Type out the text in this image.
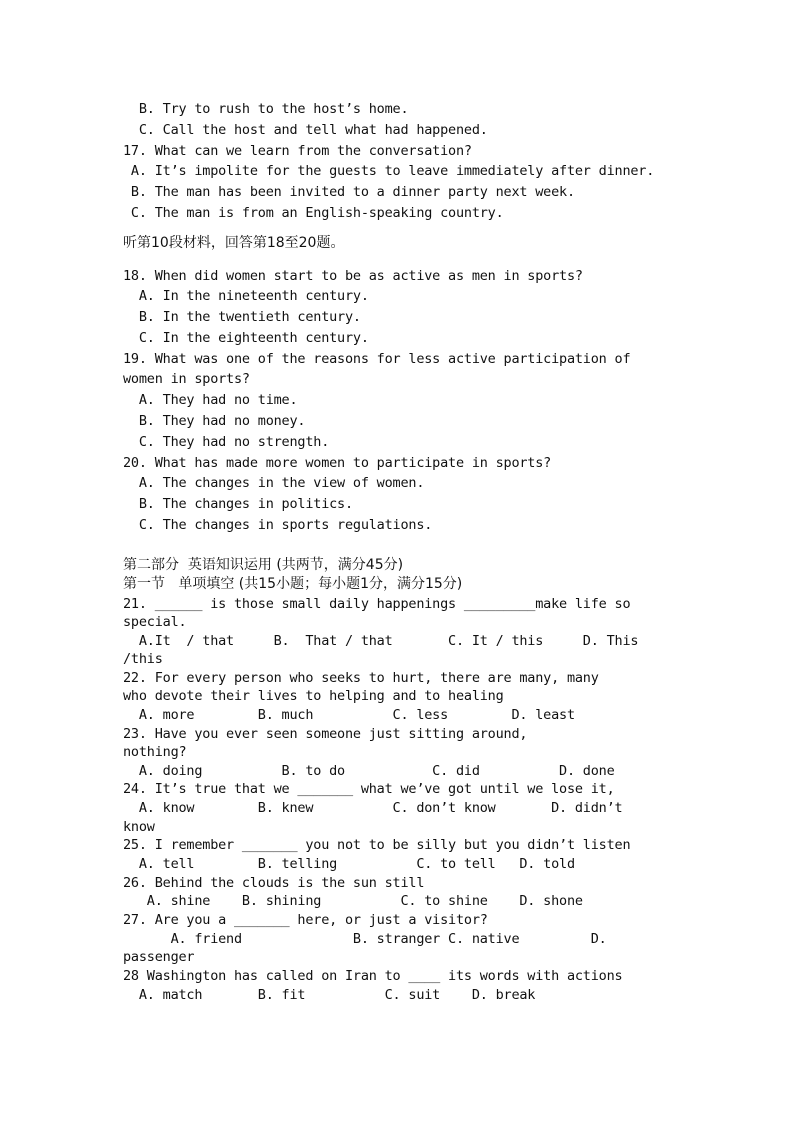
B. Try to rush to the host’s home.
C. Call the host and tell what had happened.
17. What can we learn from the conversation?
A. It’s impolite for the guests to leave immediately after dinner.
B. The man has been invited to a dinner party next week.
C. The man is from an English-speaking country.
听第10段材料，回答第18至20题。
18. When did women start to be as active as men in sports?
A. In the nineteenth century.
B. In the twentieth century.
C. In the eighteenth century.
19. What was one of the reasons for less active participation of
women in sports?
A. They had no time.
B. They had no money.
C. They had no strength.
20. What has made more women to participate in sports?
A. The changes in the view of women.
B. The changes in politics.
C. The changes in sports regulations.
第二部分  英语知识运用 (共两节，满分45分)
第一节   单项填空 (共15小题；每小题1分，满分15分)
21. ______ is those small daily happenings _________make life so
special.
A.It  / that     B.  That / that       C. It / this     D. This
/this
22. For every person who seeks to hurt, there are many, many
who devote their lives to helping and to healing
A. more        B. much          C. less        D. least
23. Have you ever seen someone just sitting around,
nothing?
A. doing          B. to do           C. did          D. done
24. It’s true that we _______ what we’ve got until we lose it,
A. know        B. knew          C. don’t know       D. didn’t
know
25. I remember _______ you not to be silly but you didn’t listen
A. tell        B. telling          C. to tell   D. told
26. Behind the clouds is the sun still
A. shine    B. shining          C. to shine    D. shone
27. Are you a _______ here, or just a visitor?
A. friend              B. stranger C. native         D.
passenger
28 Washington has called on Iran to ____ its words with actions
A. match       B. fit          C. suit    D. break
